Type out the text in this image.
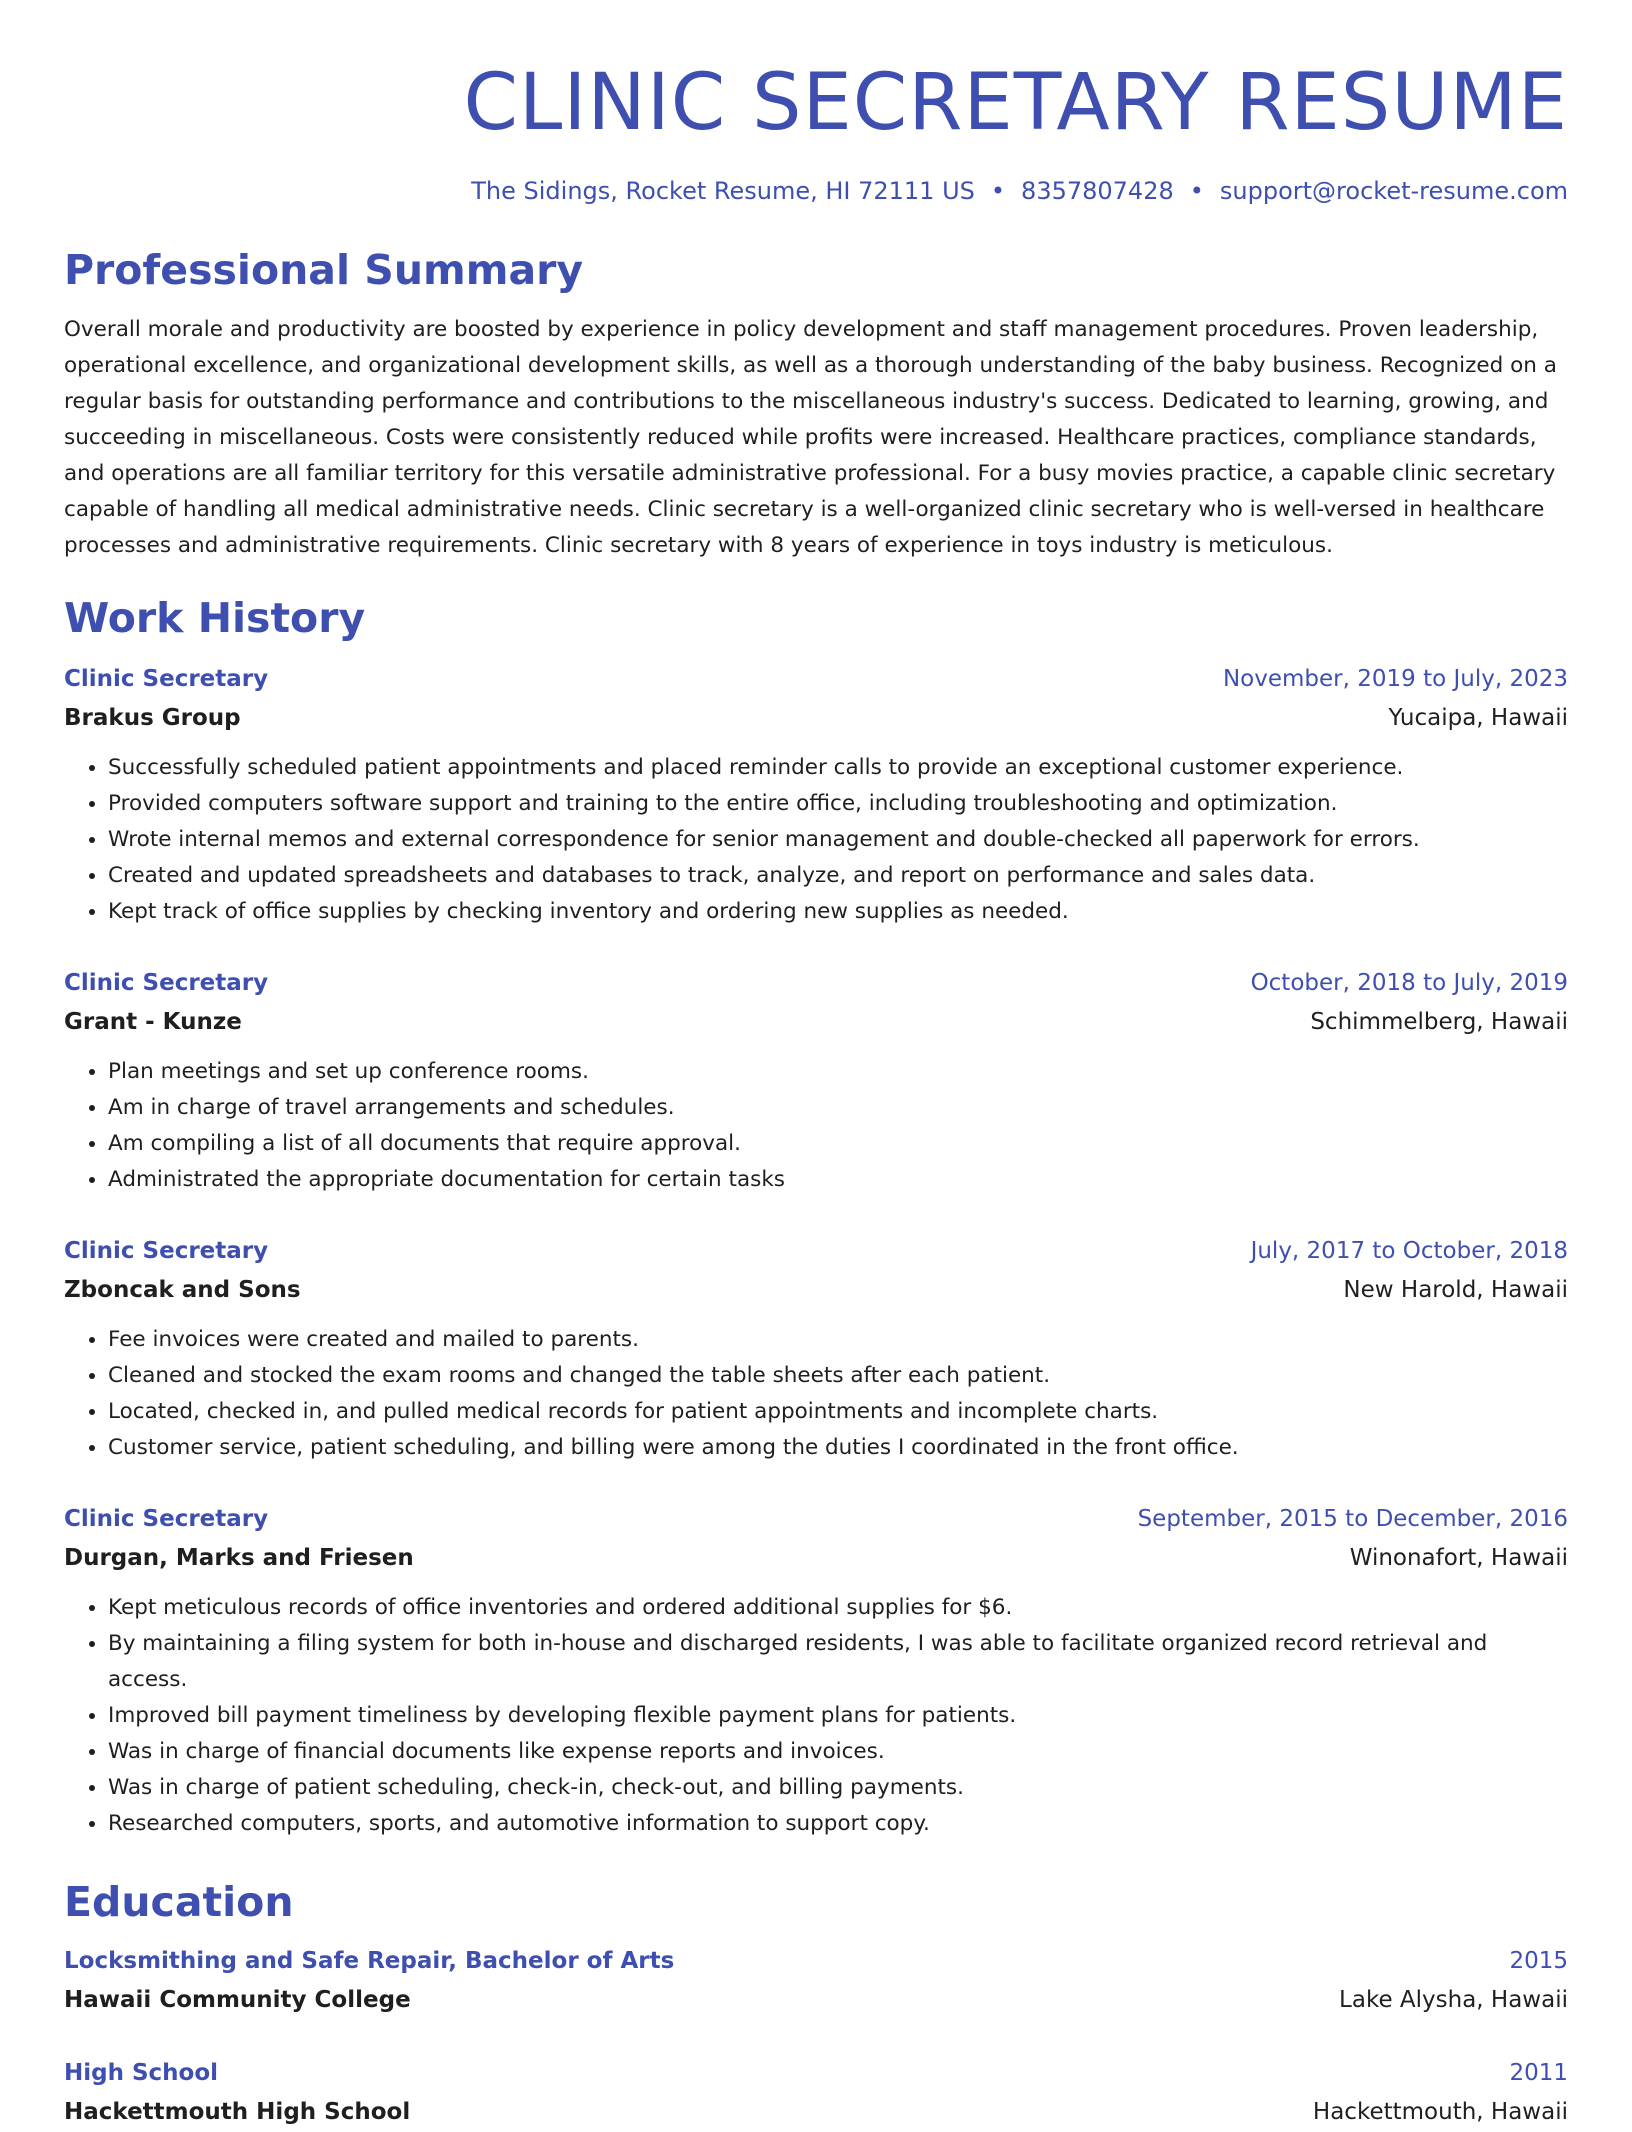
CLINIC SECRETARY RESUME
The Sidings, Rocket Resume, HI 72111 US • 8357807428 • support@rocket-resume.com
Professional Summary
Overall morale and productivity are boosted by experience in policy development and staff management procedures. Proven leadership, operational excellence, and organizational development skills, as well as a thorough understanding of the baby business. Recognized on a regular basis for outstanding performance and contributions to the miscellaneous industry's success. Dedicated to learning, growing, and succeeding in miscellaneous. Costs were consistently reduced while profits were increased. Healthcare practices, compliance standards, and operations are all familiar territory for this versatile administrative professional. For a busy movies practice, a capable clinic secretary capable of handling all medical administrative needs. Clinic secretary is a well-organized clinic secretary who is well-versed in healthcare processes and administrative requirements. Clinic secretary with 8 years of experience in toys industry is meticulous.
Work History
Clinic Secretary	November, 2019 to July, 2023
Brakus Group	Yucaipa, Hawaii
• Successfully scheduled patient appointments and placed reminder calls to provide an exceptional customer experience.
• Provided computers software support and training to the entire office, including troubleshooting and optimization.
• Wrote internal memos and external correspondence for senior management and double-checked all paperwork for errors.
• Created and updated spreadsheets and databases to track, analyze, and report on performance and sales data.
• Kept track of office supplies by checking inventory and ordering new supplies as needed.
Clinic Secretary	October, 2018 to July, 2019
Grant - Kunze	Schimmelberg, Hawaii
• Plan meetings and set up conference rooms.
• Am in charge of travel arrangements and schedules.
• Am compiling a list of all documents that require approval.
• Administrated the appropriate documentation for certain tasks
Clinic Secretary	July, 2017 to October, 2018
Zboncak and Sons	New Harold, Hawaii
• Fee invoices were created and mailed to parents.
• Cleaned and stocked the exam rooms and changed the table sheets after each patient.
• Located, checked in, and pulled medical records for patient appointments and incomplete charts.
• Customer service, patient scheduling, and billing were among the duties I coordinated in the front office.
Clinic Secretary	September, 2015 to December, 2016
Durgan, Marks and Friesen	Winonafort, Hawaii
• Kept meticulous records of office inventories and ordered additional supplies for $6.
• By maintaining a filing system for both in-house and discharged residents, I was able to facilitate organized record retrieval and access.
• Improved bill payment timeliness by developing flexible payment plans for patients.
• Was in charge of financial documents like expense reports and invoices.
• Was in charge of patient scheduling, check-in, check-out, and billing payments.
• Researched computers, sports, and automotive information to support copy.
Education
Locksmithing and Safe Repair, Bachelor of Arts	2015
Hawaii Community College	Lake Alysha, Hawaii
High School	2011
Hackettmouth High School	Hackettmouth, Hawaii
